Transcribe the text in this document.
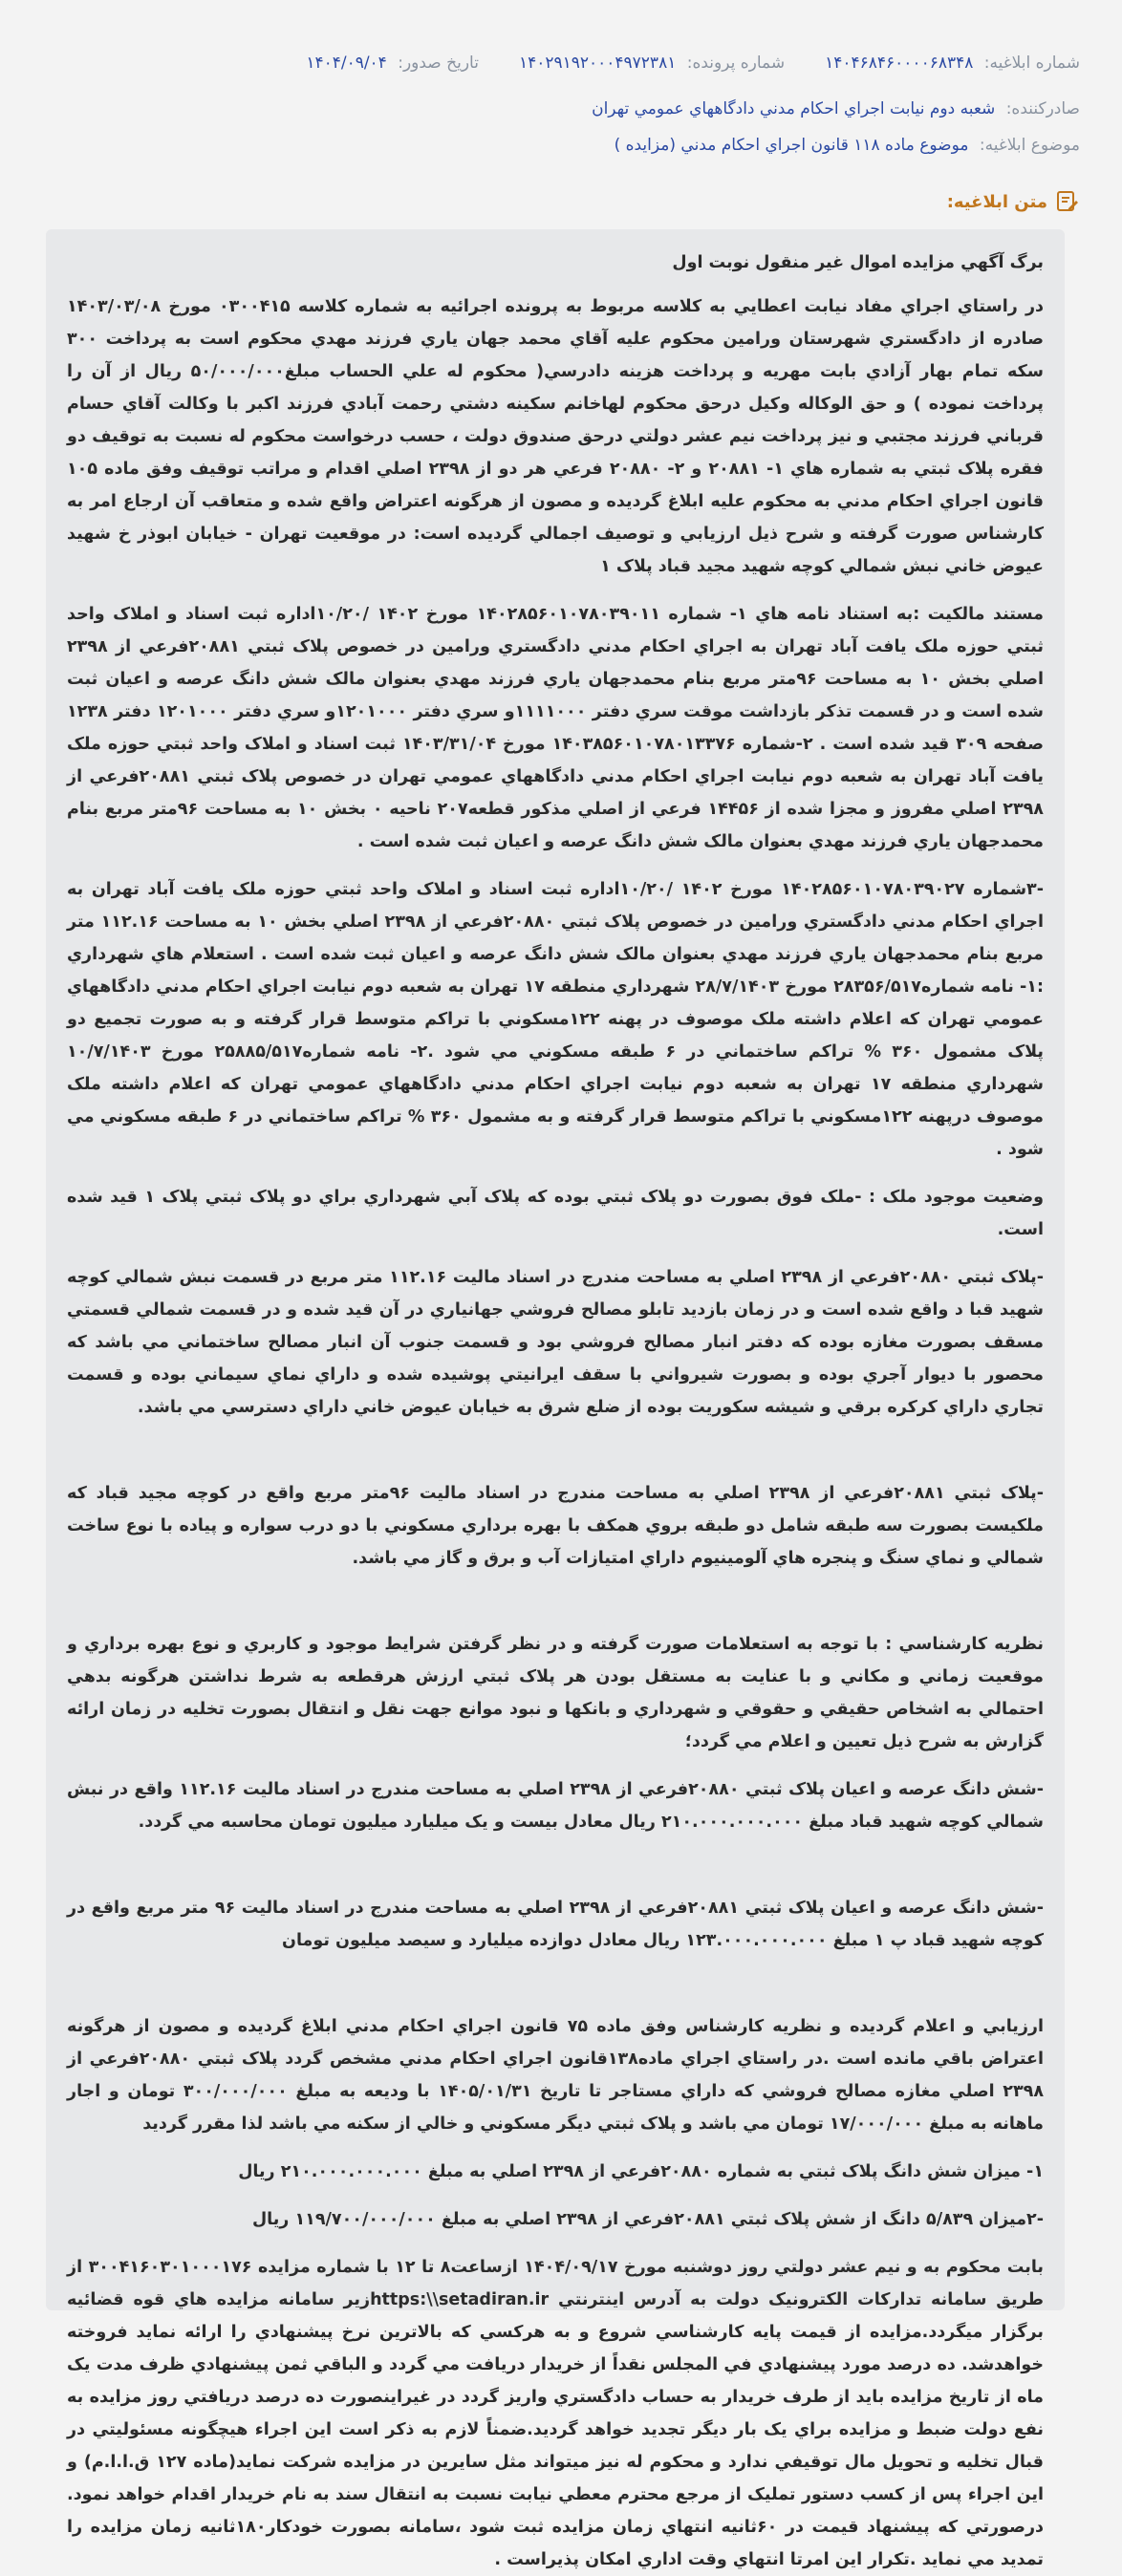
شماره ابلاغيه: ۱۴۰۴۶۸۴۶۰۰۰۰۶۸۳۴۸
شماره پرونده: ۱۴۰۲۹۱۹۲۰۰۰۴۹۷۲۳۸۱
تاريخ صدور: ۱۴۰۴/۰۹/۰۴
صادرکننده: شعبه دوم نيابت اجراي احکام مدني دادگاههاي عمومي تهران
موضوع ابلاغيه: موضوع ماده ۱۱۸ قانون اجراي احکام مدني (مزايده )
متن ابلاغيه:

برگ آگهي مزايده اموال غير منقول نوبت اول

در راستاي اجراي مفاد نيابت اعطايي به کلاسه مربوط به پرونده اجرائيه به شماره کلاسه ۰۳۰۰۴۱۵ مورخ ۱۴۰۳/۰۳/۰۸ صادره از دادگستري شهرستان ورامين محکوم عليه آقاي محمد جهان ياري فرزند مهدي محکوم است به پرداخت ۳۰۰ سکه تمام بهار آزادي بابت مهريه و پرداخت هزينه دادرسي( محکوم له علي الحساب مبلغ۵۰/۰۰۰/۰۰۰ ريال از آن را پرداخت نموده ) و حق الوکاله وکيل درحق محکوم لهاخانم سکينه دشتي رحمت آبادي فرزند اکبر با وکالت آقاي حسام قرباني فرزند مجتبي و نيز پرداخت نيم عشر دولتي درحق صندوق دولت ، حسب درخواست محکوم له نسبت به توقيف دو فقره پلاک ثبتي به شماره هاي ۱- ۲۰۸۸۱ و ۲- ۲۰۸۸۰ فرعي هر دو از ۲۳۹۸ اصلي اقدام و مراتب توقيف وفق ماده ۱۰۵ قانون اجراي احکام مدني به محکوم عليه ابلاغ گرديده و مصون از هرگونه اعتراض واقع شده و متعاقب آن ارجاع امر به کارشناس صورت گرفته و شرح ذيل ارزيابي و توصيف اجمالي گرديده است: در موقعيت تهران - خيابان ابوذر خ شهيد عيوض خاني نبش شمالي کوچه شهيد مجيد قباد پلاک ۱

مستند مالکيت :به استناد نامه هاي ۱- شماره ۱۴۰۲۸۵۶۰۱۰۷۸۰۳۹۰۱۱ مورخ ۱۴۰۲ /۱۰/۲۰اداره ثبت اسناد و املاک واحد ثبتي حوزه ملک يافت آباد تهران به اجراي احکام مدني دادگستري ورامين در خصوص پلاک ثبتي ۲۰۸۸۱فرعي از ۲۳۹۸ اصلي بخش ۱۰ به مساحت ۹۶متر مربع بنام محمدجهان ياري فرزند مهدي بعنوان مالک شش دانگ عرصه و اعيان ثبت شده است و در قسمت تذکر بازداشت موقت سري دفتر ۱۱۱۱۰۰۰و سري دفتر ۱۲۰۱۰۰۰و سري دفتر ۱۲۰۱۰۰۰ دفتر ۱۲۳۸ صفحه ۳۰۹ قيد شده است . ۲-شماره ۱۴۰۳۸۵۶۰۱۰۷۸۰۱۳۳۷۶ مورخ ۱۴۰۳/۳۱/۰۴ ثبت اسناد و املاک واحد ثبتي حوزه ملک يافت آباد تهران به شعبه دوم نيابت اجراي احکام مدني دادگاههاي عمومي تهران در خصوص پلاک ثبتي ۲۰۸۸۱فرعي از ۲۳۹۸ اصلي مفروز و مجزا شده از ۱۴۴۵۶ فرعي از اصلي مذکور قطعه۲۰۷ ناحيه ۰ بخش ۱۰ به مساحت ۹۶متر مربع بنام محمدجهان ياري فرزند مهدي بعنوان مالک شش دانگ عرصه و اعيان ثبت شده است .

-۳شماره ۱۴۰۲۸۵۶۰۱۰۷۸۰۳۹۰۲۷ مورخ ۱۴۰۲ /۱۰/۲۰اداره ثبت اسناد و املاک واحد ثبتي حوزه ملک يافت آباد تهران به اجراي احکام مدني دادگستري ورامين در خصوص پلاک ثبتي ۲۰۸۸۰فرعي از ۲۳۹۸ اصلي بخش ۱۰ به مساحت ۱۱۲.۱۶ متر مربع بنام محمدجهان ياري فرزند مهدي بعنوان مالک شش دانگ عرصه و اعيان ثبت شده است . استعلام هاي شهرداري :۱- نامه شماره۲۸۳۵۶/۵۱۷ مورخ ۲۸/۷/۱۴۰۳ شهرداري منطقه ۱۷ تهران به شعبه دوم نيابت اجراي احکام مدني دادگاههاي عمومي تهران که اعلام داشته ملک موصوف در پهنه ۱۲۲مسکوني با تراکم متوسط قرار گرفته و به صورت تجميع دو پلاک مشمول ۳۶۰ % تراکم ساختماني در ۶ طبقه مسکوني مي شود .۲- نامه شماره۲۵۸۸۵/۵۱۷ مورخ ۱۰/۷/۱۴۰۳ شهرداري منطقه ۱۷ تهران به شعبه دوم نيابت اجراي احکام مدني دادگاههاي عمومي تهران که اعلام داشته ملک موصوف درپهنه ۱۲۲مسکوني با تراکم متوسط قرار گرفته و به مشمول ۳۶۰ % تراکم ساختماني در ۶ طبقه مسکوني مي شود .

وضعيت موجود ملک : -ملک فوق بصورت دو پلاک ثبتي بوده که پلاک آبي شهرداري براي دو پلاک ثبتي پلاک ۱ قيد شده است.

-پلاک ثبتي ۲۰۸۸۰فرعي از ۲۳۹۸ اصلي به مساحت مندرج در اسناد ماليت ۱۱۲.۱۶ متر مربع در قسمت نبش شمالي کوچه شهيد قبا د واقع شده است و در زمان بازديد تابلو مصالح فروشي جهانياري در آن قيد شده و در قسمت شمالي قسمتي مسقف بصورت مغازه بوده که دفتر انبار مصالح فروشي بود و قسمت جنوب آن انبار مصالح ساختماني مي باشد که محصور با ديوار آجري بوده و بصورت شيرواني با سقف ايرانيتي پوشيده شده و داراي نماي سيماني بوده و قسمت تجاري داراي کرکره برقي و شيشه سکوريت بوده از ضلع شرق به خيابان عيوض خاني داراي دسترسي مي باشد.

-پلاک ثبتي ۲۰۸۸۱فرعي از ۲۳۹۸ اصلي به مساحت مندرج در اسناد ماليت ۹۶متر مربع واقع در کوچه مجيد قباد که ملکيست بصورت سه طبقه شامل دو طبقه بروي همکف با بهره برداري مسکوني با دو درب سواره و پياده با نوع ساخت شمالي و نماي سنگ و پنجره هاي آلومينيوم داراي امتيازات آب و برق و گاز مي باشد.

نظريه کارشناسي : با توجه به استعلامات صورت گرفته و در نظر گرفتن شرايط موجود و کاربري و نوع بهره برداري و موقعيت زماني و مکاني و با عنايت به مستقل بودن هر پلاک ثبتي ارزش هرقطعه به شرط نداشتن هرگونه بدهي احتمالي به اشخاص حقيقي و حقوقي و شهرداري و بانکها و نبود موانع جهت نقل و انتقال بصورت تخليه در زمان ارائه گزارش به شرح ذيل تعيين و اعلام مي گردد؛

-شش دانگ عرصه و اعيان پلاک ثبتي ۲۰۸۸۰فرعي از ۲۳۹۸ اصلي به مساحت مندرج در اسناد ماليت ۱۱۲.۱۶ واقع در نبش شمالي کوچه شهيد قباد مبلغ ۲۱۰.۰۰۰.۰۰۰.۰۰۰ ريال معادل بيست و يک ميليارد ميليون تومان محاسبه مي گردد.

-شش دانگ عرصه و اعيان پلاک ثبتي ۲۰۸۸۱فرعي از ۲۳۹۸ اصلي به مساحت مندرج در اسناد ماليت ۹۶ متر مربع واقع در کوچه شهيد قباد پ ۱ مبلغ ۱۲۳.۰۰۰.۰۰۰.۰۰۰ ريال معادل دوازده ميليارد و سيصد ميليون تومان

ارزيابي و اعلام گرديده و نظريه کارشناس وفق ماده ۷۵ قانون اجراي احکام مدني ابلاغ گرديده و مصون از هرگونه اعتراض باقي مانده است .در راستاي اجراي ماده۱۳۸قانون اجراي احکام مدني مشخص گردد پلاک ثبتي ۲۰۸۸۰فرعي از ۲۳۹۸ اصلي مغازه مصالح فروشي که داراي مستاجر تا تاريخ ۱۴۰۵/۰۱/۳۱ با وديعه به مبلغ ۳۰۰/۰۰۰/۰۰۰ تومان و اجار ماهانه به مبلغ ۱۷/۰۰۰/۰۰۰ تومان مي باشد و پلاک ثبتي ديگر مسکوني و خالي از سکنه مي باشد لذا مقرر گرديد

۱- ميزان شش دانگ پلاک ثبتي به شماره ۲۰۸۸۰فرعي از ۲۳۹۸ اصلي به مبلغ ۲۱۰.۰۰۰.۰۰۰.۰۰۰ ريال

-۲ميزان ۵/۸۳۹ دانگ از شش پلاک ثبتي ۲۰۸۸۱فرعي از ۲۳۹۸ اصلي به مبلغ ۱۱۹/۷۰۰/۰۰۰/۰۰۰ ريال

بابت محکوم به و نيم عشر دولتي روز دوشنبه مورخ ۱۴۰۴/۰۹/۱۷ ازساعت۸ تا ۱۲ با شماره مزايده ۳۰۰۴۱۶۰۳۰۱۰۰۰۱۷۶ از طريق سامانه تدارکات الکترونيک دولت به آدرس اينترنتي https:\\setadiran.irزير سامانه مزايده هاي قوه قضائيه برگزار ميگردد.مزايده از قيمت پايه کارشناسي شروع و به هرکسي که بالاترين نرخ پيشنهادي را ارائه نمايد فروخته خواهدشد. ده درصد مورد پيشنهادي في المجلس نقداً از خريدار دريافت مي گردد و الباقي ثمن پيشنهادي ظرف مدت يک ماه از تاريخ مزايده بايد از طرف خريدار به حساب دادگستري واريز گردد در غيراينصورت ده درصد دريافتي روز مزايده به نفع دولت ضبط و مزايده براي يک بار ديگر تجديد خواهد گرديد.ضمناً لازم به ذکر است اين اجراء هيچگونه مسئوليتي در قبال تخليه و تحويل مال توقيفي ندارد و محکوم له نيز ميتواند مثل سايرين در مزايده شرکت نمايد(ماده ۱۲۷ ق.ا.ا.م) و اين اجراء پس از کسب دستور تمليک از مرجع محترم معطي نيابت نسبت به انتقال سند به نام خريدار اقدام خواهد نمود. درصورتي که پيشنهاد قيمت در ۶۰ثانيه انتهاي زمان مزايده ثبت شود ،سامانه بصورت خودکار۱۸۰ثانيه زمان مزايده را تمديد مي نمايد .تکرار اين امرتا انتهاي وقت اداري امکان پذيراست .
